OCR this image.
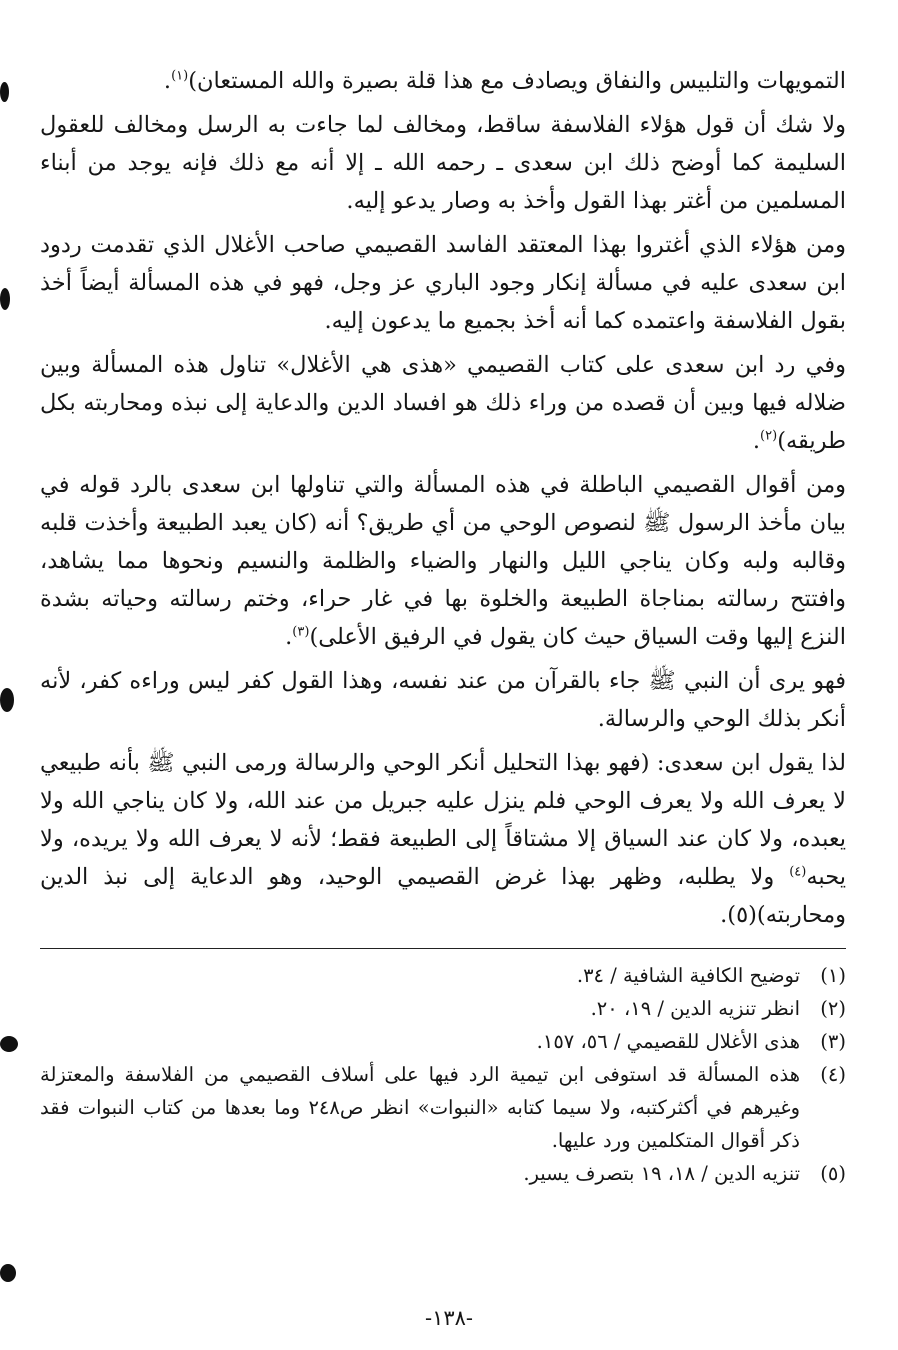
التمويهات والتلبيس والنفاق ويصادف مع هذا قلة بصيرة والله المستعان)$^{(١)}$.

ولا شك أن قول هؤلاء الفلاسفة ساقط، ومخالف لما جاءت به الرسل ومخالف للعقول السليمة كما أوضح ذلك ابن سعدى ـ رحمه الله ـ إلا أنه مع ذلك فإنه يوجد من أبناء المسلمين من أغتر بهذا القول وأخذ به وصار يدعو إليه.

ومن هؤلاء الذي أغتروا بهذا المعتقد الفاسد القصيمي صاحب الأغلال الذي تقدمت ردود ابن سعدى عليه في مسألة إنكار وجود الباري عز وجل، فهو في هذه المسألة أيضاً أخذ بقول الفلاسفة واعتمده كما أنه أخذ بجميع ما يدعون إليه.

وفي رد ابن سعدى على كتاب القصيمي «هذى هي الأغلال» تناول هذه المسألة وبين ضلاله فيها وبين أن قصده من وراء ذلك هو افساد الدين والدعاية إلى نبذه ومحاربته بكل طريقه)$^{(٢)}$.

ومن أقوال القصيمي الباطلة في هذه المسألة والتي تناولها ابن سعدى بالرد قوله في بيان مأخذ الرسول ﷺ لنصوص الوحي من أي طريق؟ أنه (كان يعبد الطبيعة وأخذت قلبه وقالبه ولبه وكان يناجي الليل والنهار والضياء والظلمة والنسيم ونحوها مما يشاهد، وافتتح رسالته بمناجاة الطبيعة والخلوة بها في غار حراء، وختم رسالته وحياته بشدة النزع إليها وقت السياق حيث كان يقول في الرفيق الأعلى)$^{(٣)}$.

فهو يرى أن النبي ﷺ جاء بالقرآن من عند نفسه، وهذا القول كفر ليس وراءه كفر، لأنه أنكر بذلك الوحي والرسالة.

لذا يقول ابن سعدى: (فهو بهذا التحليل أنكر الوحي والرسالة ورمى النبي ﷺ بأنه طبيعي لا يعرف الله ولا يعرف الوحي فلم ينزل عليه جبريل من عند الله، ولا كان يناجي الله ولا يعبده، ولا كان عند السياق إلا مشتاقاً إلى الطبيعة فقط؛ لأنه لا يعرف الله ولا يريده، ولا يحبه$^{(٤)}$ ولا يطلبه، وظهر بهذا غرض القصيمي الوحيد، وهو الدعاية إلى نبذ الدين ومحاربته)(٥).

(١)
توضيح الكافية الشافية / ٣٤.
(٢)
انظر تنزيه الدين / ١٩، ٢٠.
(٣)
هذى الأغلال للقصيمي / ٥٦، ١٥٧.
(٤)
هذه المسألة قد استوفى ابن تيمية الرد فيها على أسلاف القصيمي من الفلاسفة والمعتزلة وغيرهم في أكثركتبه، ولا سيما كتابه «النبوات» انظر ص٢٤٨ وما بعدها من كتاب النبوات فقد ذكر أقوال المتكلمين ورد عليها.
(٥)
تنزيه الدين / ١٨، ١٩ بتصرف يسير.
-١٣٨-
